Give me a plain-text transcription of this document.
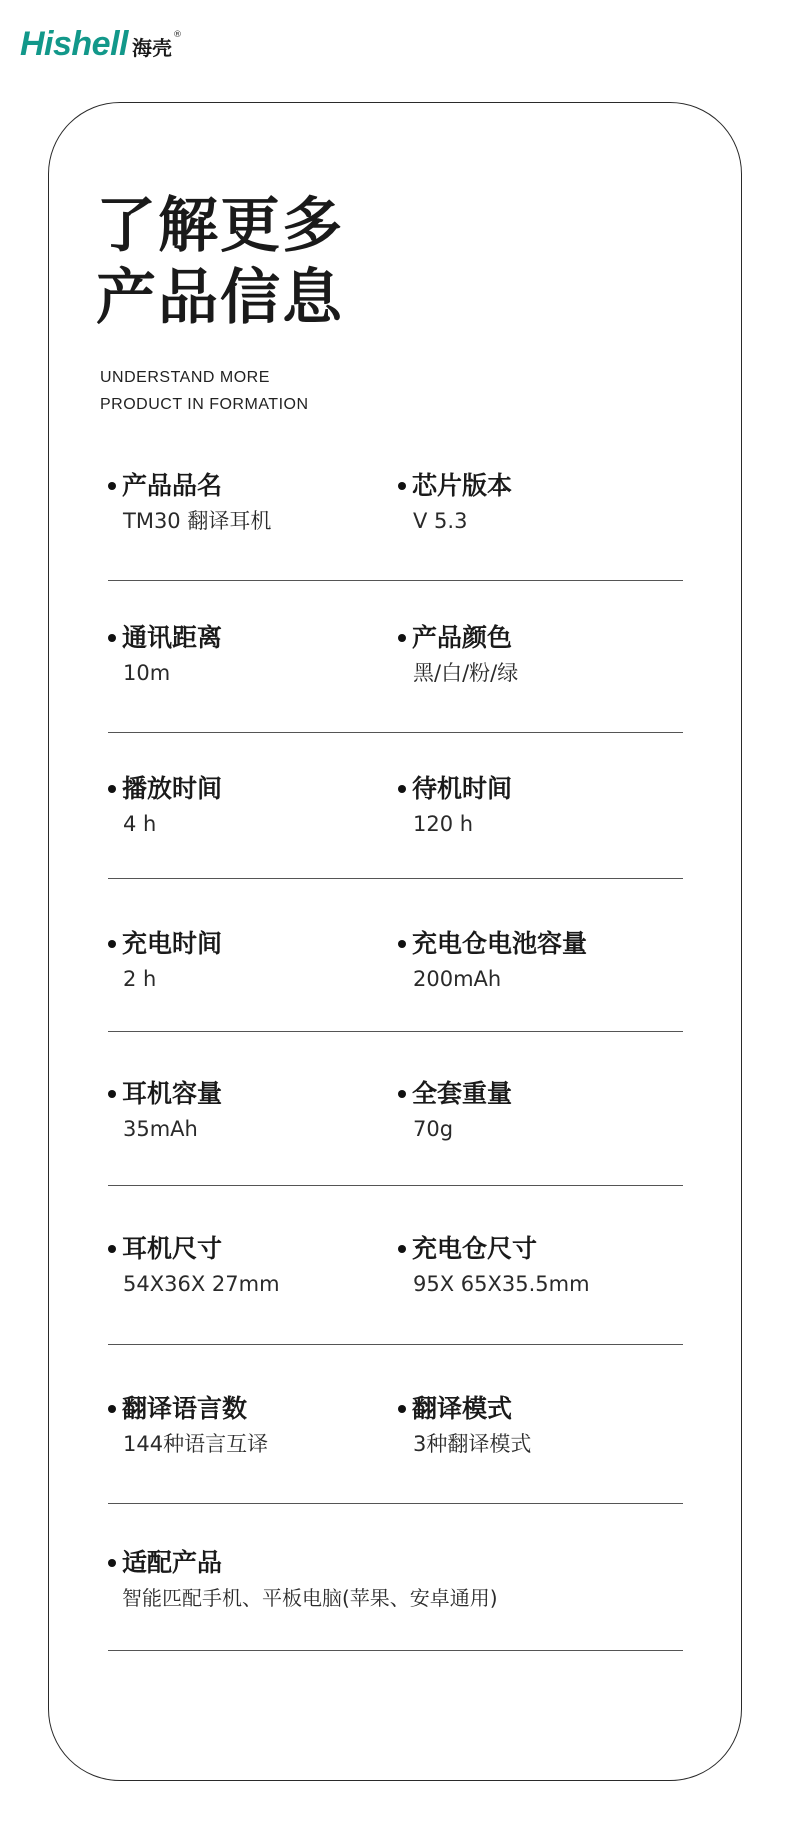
Hishell 海壳
®
了解更多
产品信息
UNDERSTAND MORE
PRODUCT IN FORMATION
产品品名
TM30 翻译耳机
芯片版本
V 5.3
通讯距离
10m
产品颜色
黑/白/粉/绿
播放时间
4 h
待机时间
120 h
充电时间
2 h
充电仓电池容量
200mAh
耳机容量
35mAh
全套重量
70g
耳机尺寸
54X36X 27mm
充电仓尺寸
95X 65X35.5mm
翻译语言数
144种语言互译
翻译模式
3种翻译模式
适配产品
智能匹配手机、平板电脑(苹果、安卓通用)
